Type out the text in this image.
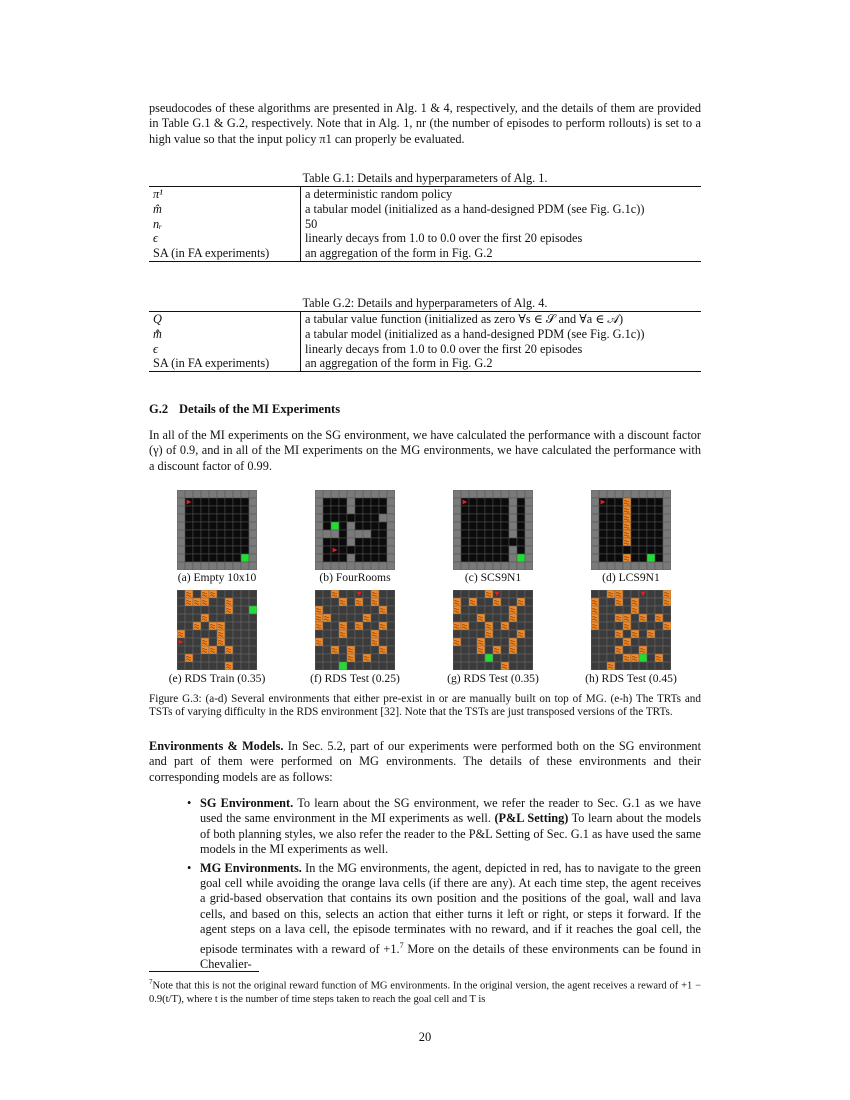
pseudocodes of these algorithms are presented in Alg. 1 & 4, respectively, and the details of them are provided in Table G.1 & G.2, respectively. Note that in Alg. 1, nr (the number of episodes to perform rollouts) is set to a high value so that the input policy π1 can properly be evaluated.

Table G.1: Details and hyperparameters of Alg. 1.
π¹	a deterministic random policy
m̂	a tabular model (initialized as a hand-designed PDM (see Fig. G.1c))
nᵣ	50
ϵ	linearly decays from 1.0 to 0.0 over the first 20 episodes
SA (in FA experiments)	an aggregation of the form in Fig. G.2
Table G.2: Details and hyperparameters of Alg. 4.
Q	a tabular value function (initialized as zero ∀s ∈ 𝒮 and ∀a ∈ 𝒜)
m̄̂	a tabular model (initialized as a hand-designed PDM (see Fig. G.1c))
ϵ	linearly decays from 1.0 to 0.0 over the first 20 episodes
SA (in FA experiments)	an aggregation of the form in Fig. G.2
G.2 Details of the MI Experiments

In all of the MI experiments on the SG environment, we have calculated the performance with a discount factor (γ) of 0.9, and in all of the MI experiments on the MG environments, we have calculated the performance with a discount factor of 0.99.

(a) Empty 10x10	(b) FourRooms	(c) SCS9N1	(d) LCS9N1
(e) RDS Train (0.35)	(f) RDS Test (0.25)	(g) RDS Test (0.35)	(h) RDS Test (0.45)
Figure G.3: (a-d) Several environments that either pre-exist in or are manually built on top of MG. (e-h) The TRTs and TSTs of varying difficulty in the RDS environment [32]. Note that the TSTs are just transposed versions of the TRTs.

Environments & Models. In Sec. 5.2, part of our experiments were performed both on the SG environment and part of them were performed on MG environments. The details of these environments and their corresponding models are as follows:

• SG Environment. To learn about the SG environment, we refer the reader to Sec. G.1 as we have used the same environment in the MI experiments as well. (P&L Setting) To learn about the models of both planning styles, we also refer the reader to the P&L Setting of Sec. G.1 as have used the same models in the MI experiments as well.
• MG Environments. In the MG environments, the agent, depicted in red, has to navigate to the green goal cell while avoiding the orange lava cells (if there are any). At each time step, the agent receives a grid-based observation that contains its own position and the positions of the goal, wall and lava cells, and based on this, selects an action that either turns it left or right, or steps it forward. If the agent steps on a lava cell, the episode terminates with no reward, and if it reaches the goal cell, the episode terminates with a reward of +1.$^7$ More on the details of these environments can be found in Chevalier-
$^7$Note that this is not the original reward function of MG environments. In the original version, the agent receives a reward of +1 − 0.9(t/T), where t is the number of time steps taken to reach the goal cell and T is
20
